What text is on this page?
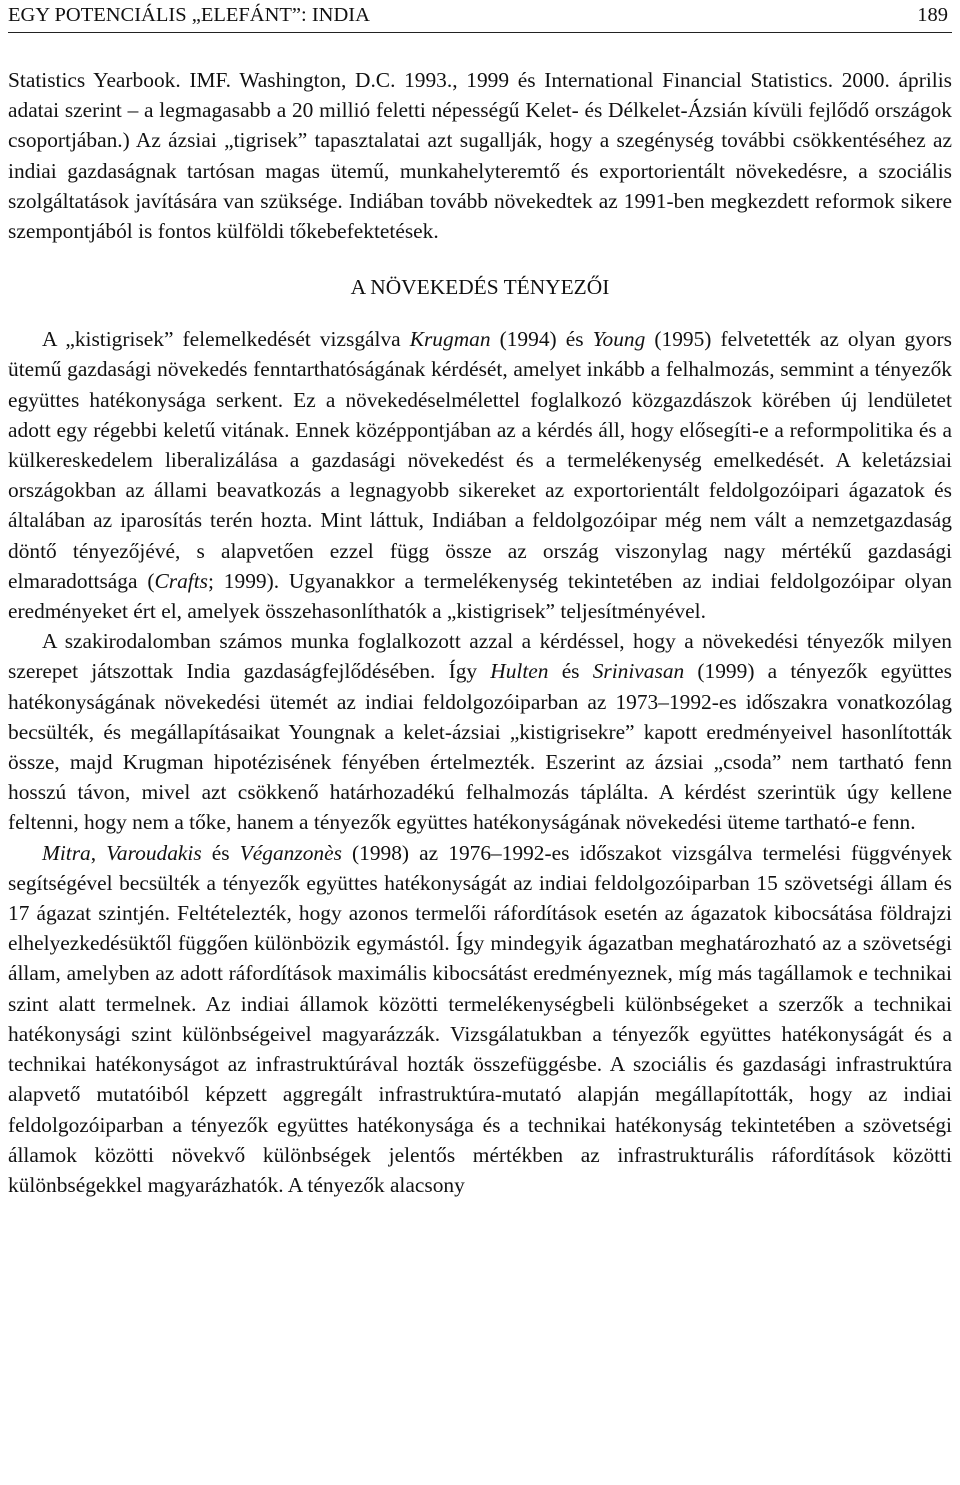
EGY POTENCIÁLIS „ELEFÁNT”: INDIA	189

Statistics Yearbook. IMF. Washington, D.C. 1993., 1999 és International Financial Statistics. 2000. április adatai szerint – a legmagasabb a 20 millió feletti népességű Kelet- és Délkelet-Ázsián kívüli fejlődő országok csoportjában.) Az ázsiai „tigrisek” tapasztalatai azt sugallják, hogy a szegénység további csökkentéséhez az indiai gazdaságnak tartósan magas ütemű, munkahelyteremtő és exportorientált növekedésre, a szociális szolgáltatások javítására van szüksége. Indiában tovább növekedtek az 1991-ben megkezdett reformok sikere szempontjából is fontos külföldi tőkebefektetések.

A NÖVEKEDÉS TÉNYEZŐI

A „kistigrisek” felemelkedését vizsgálva Krugman (1994) és Young (1995) felvetették az olyan gyors ütemű gazdasági növekedés fenntarthatóságának kérdését, amelyet inkább a felhalmozás, semmint a tényezők együttes hatékonysága serkent. Ez a növekedéselmélettel foglalkozó közgazdászok körében új lendületet adott egy régebbi keletű vitának. Ennek középpontjában az a kérdés áll, hogy elősegíti-e a reformpolitika és a külkereskedelem liberalizálása a gazdasági növekedést és a termelékenység emelkedését. A keletázsiai országokban az állami beavatkozás a legnagyobb sikereket az exportorientált feldolgozóipari ágazatok és általában az iparosítás terén hozta. Mint láttuk, Indiában a feldolgozóipar még nem vált a nemzetgazdaság döntő tényezőjévé, s alapvetően ezzel függ össze az ország viszonylag nagy mértékű gazdasági elmaradottsága (Crafts; 1999). Ugyanakkor a termelékenység tekintetében az indiai feldolgozóipar olyan eredményeket ért el, amelyek összehasonlíthatók a „kistigrisek” teljesítményével.

A szakirodalomban számos munka foglalkozott azzal a kérdéssel, hogy a növekedési tényezők milyen szerepet játszottak India gazdaságfejlődésében. Így Hulten és Srinivasan (1999) a tényezők együttes hatékonyságának növekedési ütemét az indiai feldolgozóiparban az 1973–1992-es időszakra vonatkozólag becsülték, és megállapításaikat Youngnak a kelet-ázsiai „kistigrisekre” kapott eredményeivel hasonlították össze, majd Krugman hipotézisének fényében értelmezték. Eszerint az ázsiai „csoda” nem tartható fenn hosszú távon, mivel azt csökkenő határhozadékú felhalmozás táplálta. A kérdést szerintük úgy kellene feltenni, hogy nem a tőke, hanem a tényezők együttes hatékonyságának növekedési üteme tartható-e fenn.

Mitra, Varoudakis és Véganzonès (1998) az 1976–1992-es időszakot vizsgálva termelési függvények segítségével becsülték a tényezők együttes hatékonyságát az indiai feldolgozóiparban 15 szövetségi állam és 17 ágazat szintjén. Feltételezték, hogy azonos termelői ráfordítások esetén az ágazatok kibocsátása földrajzi elhelyezkedésüktől függően különbözik egymástól. Így mindegyik ágazatban meghatározható az a szövetségi állam, amelyben az adott ráfordítások maximális kibocsátást eredményeznek, míg más tagállamok e technikai szint alatt termelnek. Az indiai államok közötti termelékenységbeli különbségeket a szerzők a technikai hatékonysági szint különbségeivel magyarázzák. Vizsgálatukban a tényezők együttes hatékonyságát és a technikai hatékonyságot az infrastruktúrával hozták összefüggésbe. A szociális és gazdasági infrastruktúra alapvető mutatóiból képzett aggregált infrastruktúra-mutató alapján megállapították, hogy az indiai feldolgozóiparban a tényezők együttes hatékonysága és a technikai hatékonyság tekintetében a szövetségi államok közötti növekvő különbségek jelentős mértékben az infrastrukturális ráfordítások közötti különbségekkel magyarázhatók. A tényezők alacsony
